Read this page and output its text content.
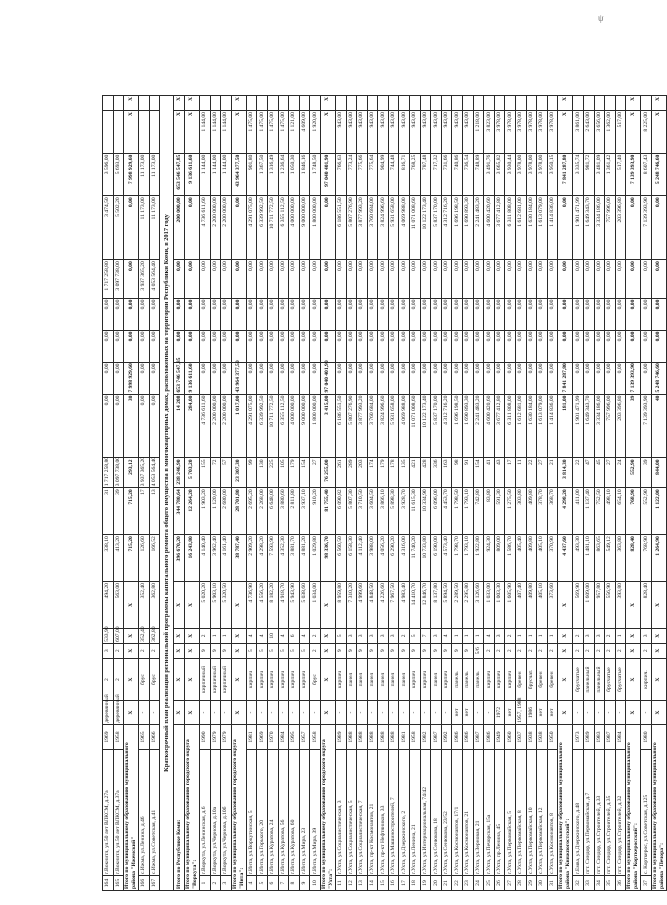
164	г.Вокнитл, ул.50 лет ВЛКСМ, д.27а	1969	деревянный	2	3	533,90	494,20	338,10	31	1 717 258,80	0,00	0,00	0,00	0,00	1 717 258,80	3 474,50	3 596,00		
165	г.Вокнитл, ул.50 лет ВЛКСМ, д.37а	1958	деревянный	2	2	607,00	563,00	413,20	39	3 097 738,00	0,00	0,00	0,00	0,00	3 097 738,00	5 502,20	5 693,00		
Итого по муниципальному образованию муниципального района "Ижемский"			X	X	X	X	X	715,20	715,20	293,12	30	7 998 929,60	0,00	0,00	0,00	0,00	7 998 929,60	X	X
166	с.Ижма, ул.Ленина, д.46	1965	-	брус	2	352,40	352,40	126,60	17	3 937 365,20	0,00	0,00	0,00	0,00	3 937 365,20	11 173,00	11 173,00		
167	с.Ижма, ул.Советская, д.41	1966	-	брус	2	362,80	362,80	166,52	13	4 053 564,40	0,00	0,00	0,00	0,00	4 053 564,40	11 173,00	11 173,00		
Краткосрочный план реализации региональной программы капитального ремонта общего имущества в многоквартирных домах, расположенных на территории Республики Коми, в 2017 году																			
Итого по Республике Коми:			X	X	X	X	X	396 670,20	344 780,64	238 246,90	14 208	653 746 547,85	0,00	0,00	0,00	200 000,00	653 546 547,85	X	X
Итого по муниципальному образованию городского округа "Воркута":			X	X	X	X	X	16 243,80	12 264,20	5 703,20	284,00	9 136 611,60	0,00	0,00	0,00	0,00	9 136 611,60	X	X
1	г.Воркута, ул.Ленинская, д.6	1990	-	кирпичный	9	2	5 020,20	4 140,40	1 903,20	155	4 736 611,60	0,00	0,00	0,00	0,00	4 736 611,60	1 144,00	1 144,00	
2	г.Воркута, ул.Чернова, д.10а	1979	-	кирпичный	9	1	5 903,10	3 962,40	1 120,00	72	2 200 000,00	0,00	0,00	0,00	0,00	2 200 000,00	1 144,00	1 144,00	
3	г.Воркута, ул.Чернова, д.10б	1979	-	кирпичный	9	1	5 320,50	4 161,40	2 680,00	57	2 200 000,00	0,00	0,00	0,00	0,00	2 200 000,00	1 144,00	1 144,00	
Итого по муниципальному образованию городского округа "Инта":			X	X	X	X	X	38 787,40	28 701,80	23 307,30	1 017,00	43 964 377,50	0,00	0,00	0,00	0,00	43 964 377,50	X	X
4	г.Инта, ул.Воркутинская, 5	1981	-	кирпич	5	4	4 736,90	2 909,20	2 695,20	99	4 291 075,00	0,00	0,00	0,00	0,00	4 291 075,00	901,80	1 475,00	
5	г.Инта, ул.Горького, 20	1969	-	кирпич	5	4	4 556,20	4 298,20	2 268,00	130	6 339 992,50	0,00	0,00	0,00	0,00	6 339 992,50	1 367,50	1 475,00	
6	г.Инта, ул.Куратова, 24	1970	-	кирпич	5	10	8 182,20	7 593,90	6 648,00	225	10 711 772,50	0,00	0,00	0,00	0,00	10 711 772,50	1 316,49	1 475,00	
7	г.Инта, ул.Куратова, 56	1984	-	кирпич	5	4	4 918,70	4 352,30	3 880,60	105	6 355 112,50	0,00	0,00	0,00	0,00	6 355 112,50	1 236,64	1 475,00	
8	г.Инта, ул.Куратова, 60	1995	-	кирпич	5	6	5 943,90	3 881,70	2 811,80	179	4 000 000,00	0,00	0,00	0,00	0,00	4 000 000,00	1 050,30	1 121,00	
9	г.Инта, ул.Мира, 23	1957	-	кирпич	5	4	5 038,60	4 881,20	3 937,10	154	9 000 000,00	0,00	0,00	0,00	0,00	9 000 000,00	1 846,16	4 609,00	
10	г.Инта, ул.Мира, 39	1958	-	брус	2	2	1 034,00	1 029,80	910,20	27	1 800 000,00	0,00	0,00	0,00	0,00	1 800 000,00	1 748,50	1 920,00	
Итого по муниципальному образованию городского округа "Ухта":			X	X	X	X	X	98 336,70	81 755,40	76 255,00	3 415,00	97 040 401,90	0,00	0,00	0,00	0,00	97 040 401,90	X	X
11	г.Ухта, ул.Социалистическая, 3	1989	-	кирпич	9	5	8 959,80	6 560,50	6 090,82	261	6 186 551,50	0,00	0,00	0,00	0,00	6 186 551,50	766,63	943,00	
12	г.Ухта, ул.Социалистическая, 5	1988	-	панел	9	3	7 310,20	6 158,30	5 807,30	289	5 807 276,90	0,00	0,00	0,00	0,00	5 807 276,90	773,24	943,00	
13	г.Ухта, ул.Социалистическая, 7	1988	-	панел	9	3	4 999,60	4 112,40	3 710,50	203	3 877 993,20	0,00	0,00	0,00	0,00	3 877 993,20	775,66	943,00	
14	г.Ухта, пр-кт Космонавтов, 21	1988	-	панел	9	3	4 848,50	3 988,00	3 604,50	174	3 760 684,00	0,00	0,00	0,00	0,00	3 760 684,00	775,64	943,00	
15	г.Ухта, пр-кт Нефтяников, 33	1988	-	панел	9	3	4 226,60	4 056,20	3 866,10	179	3 824 996,60	0,00	0,00	0,00	0,00	3 824 996,60	904,99	943,00	
16	г.Ухта, ул.Машиностроителей, 7	1988	-	панел	9	3	7 967,50	6 290,20	5 898,30	178	5 931 658,00	0,00	0,00	0,00	0,00	5 931 658,00	744,48	943,00	
17	г.Ухта, ул.Дзержинского, 2	1981	-	панел	9	2	4 983,40	4 316,00	3 928,70	135	4 069 988,00	0,00	0,00	0,00	0,00	4 069 988,00	816,71	943,00	
18	г.Ухта, ул.Ленина, 21	1958	-	кирпич	9	5	14 410,70	11 740,20	11 615,30	421	11 071 008,60	0,00	0,00	0,00	0,00	11 071 008,60	768,25	943,00	
19	г.Ухта, ул.Интернациональная, 74/42	1982	-	кирпич	9	7	12 846,70	10 733,80	10 334,90	428	10 122 173,40	0,00	0,00	0,00	0,00	10 122 173,40	787,48	943,00	
20	г.Ухта, ул.Сенюкова, 18	1987	-	панел	9	3	8 137,80	6 190,00	6 096,00	336	5 837 170,00	0,00	0,00	0,00	0,00	5 837 170,00	717,32	943,00	
21	г.Ухта, ул.Сенюкова, 23/52	1992	-	кирпич	9	4	5 894,50	4 573,40	4 453,70	163	4 312 716,20	0,00	0,00	0,00	0,00	4 312 716,20	731,66	943,00	
22	г.Ухта, ул.Космонавтов, 17/1	1986	нет	панель	9	1	2 289,50	1 798,70	1 798,50	98	1 696 198,50	0,00	0,00	0,00	0,00	1 696 198,50	740,86	943,00	
23	г.Ухта, ул.Космонавтов, 21	1986	нет	панель	9	1	2 295,80	1 793,10	1 793,10	91	1 690 893,30	0,00	0,00	0,00	0,00	1 690 893,30	736,54	943,00	
24	г.Ухта, ул.Зерновая, 21	1987	-	панель	5/6	1	3 126,60	1 922,80	742,80	154	2 241 483,20	0,00	0,00	0,00	0,00	2 241 483,20	748,89	1 218,00	
25	г.Ухта, ул.Печорская, 15а	1986	-	кирпич	2	4	1 033,00	924,30	83,80	41	4 600 420,60	0,00	0,00	0,00	0,00	4 600 420,60	3 491,76	3 823,00	
26	г.Ухта, пр.Ленина, 45	1949	1972	кирпич	2	3	1 003,30	809,00	591,30	43	3 677 412,80	0,00	0,00	0,00	0,00	3 677 412,80	3 665,82	3 978,00	
27	г.Ухта, ул.Первомайская, 5	1960	нет	кирпич	2	2	1 605,90	1 586,70	1 275,50	17	6 311 808,00	0,00	0,00	0,00	0,00	6 311 808,00	3 930,44	3 978,00	
28	с.Ухта, ул.Первомайская, 8	1937	1957, 1988	бревен	2	1	407,40	405,40	303,80	11	1 612 681,00	0,00	0,00	0,00	0,00	1 612 681,00	3 978,00	3 978,00	
29	с.Ухта, ул.Первомайская, 10	1938	1986	брусчат.	2	1	409,80	409,80	409,80	22	1 630 184,00	0,00	0,00	0,00	0,00	1 630 184,00	3 978,00	3 978,00	
30	с.Ухта, ул.Первомайская, 12	1938	нет	бревен	2	1	405,10	405,10	378,70	27	1 613 079,00	0,00	0,00	0,00	0,00	1 613 079,00	3 978,00	3 978,00	
31	с.Ухта, ул.Космонавтов, 8	1950	нет	бревен	2	1	373,60	370,90	368,70	21	1 414 836,00	0,00	0,00	0,00	0,00	1 414 836,00	3 950,15	3 978,00	
Итого по муниципальному образованию муниципального района "Княжпогостский":			X	X	X	X	X	4 437,60	4 298,20	3 814,30	181,00	7 841 287,80	0,00	0,00	0,00	0,00	7 841 287,80	X	X
32	г.Емва, ул.Дзержинского, д.48	1973	-	брусчатые	2	2	569,90	493,30	411,00	22	1 901 471,99	0,00	0,00	0,00	0,00	1 901 471,99	3 335,74	3 861,00	
33	пгт. Синдор, ул.Первомайская, д.7	1989	-	панельный	2	3	1 609,00	1 481,10	1 137,40	47	1 649 343,70	0,00	0,00	0,00	0,00	1 649 343,70	981,72	2 643,00	
34	пгт. Синдор, ул.Строителей, д.33	1983	-	панельный	2	3	957,80	863,65	752,50	45	3 334 186,00	0,00	0,00	0,00	0,00	3 334 186,00	3 481,09	3 656,00	
35	пгт. Синдор, ул.Строителей, д.35	1987	-	брусчатые	2	2	556,90	549,12	498,10	27	757 996,00	0,00	0,00	0,00	0,00	757 996,00	1 361,42	1 362,00	
36	пгт. Синдор, ул.Строителей, д.32	1984	-	брусчатые	2	1	393,80	363,80	654,10	24	203 396,80	0,00	0,00	0,00	0,00	203 396,80	517,40	517,00	
Итого по муниципальному образованию муниципального района "Корткеросский":			X	X	X	X	X	828,40	768,90	552,90	39	7 139 393,90	0,00	0,00	0,00	0,00	7 139 393,90	X	X
37	с. Корткерос, ул.Советская, д.125	1980	-	кирпич.	2	3	828,40	768,90	552,90	39	7 139 393,90	0,00	0,00	0,00	0,00	7 139 393,90	8 607,43	8 225,00	
Итого по муниципальному образованию муниципального района "Печора":			X	X	X	X	X	1 264,90	1 122,00	844,00	40	5 248 746,60	0,00	0,00	0,00	0,00	5 248 746,60	X	X
ψ
